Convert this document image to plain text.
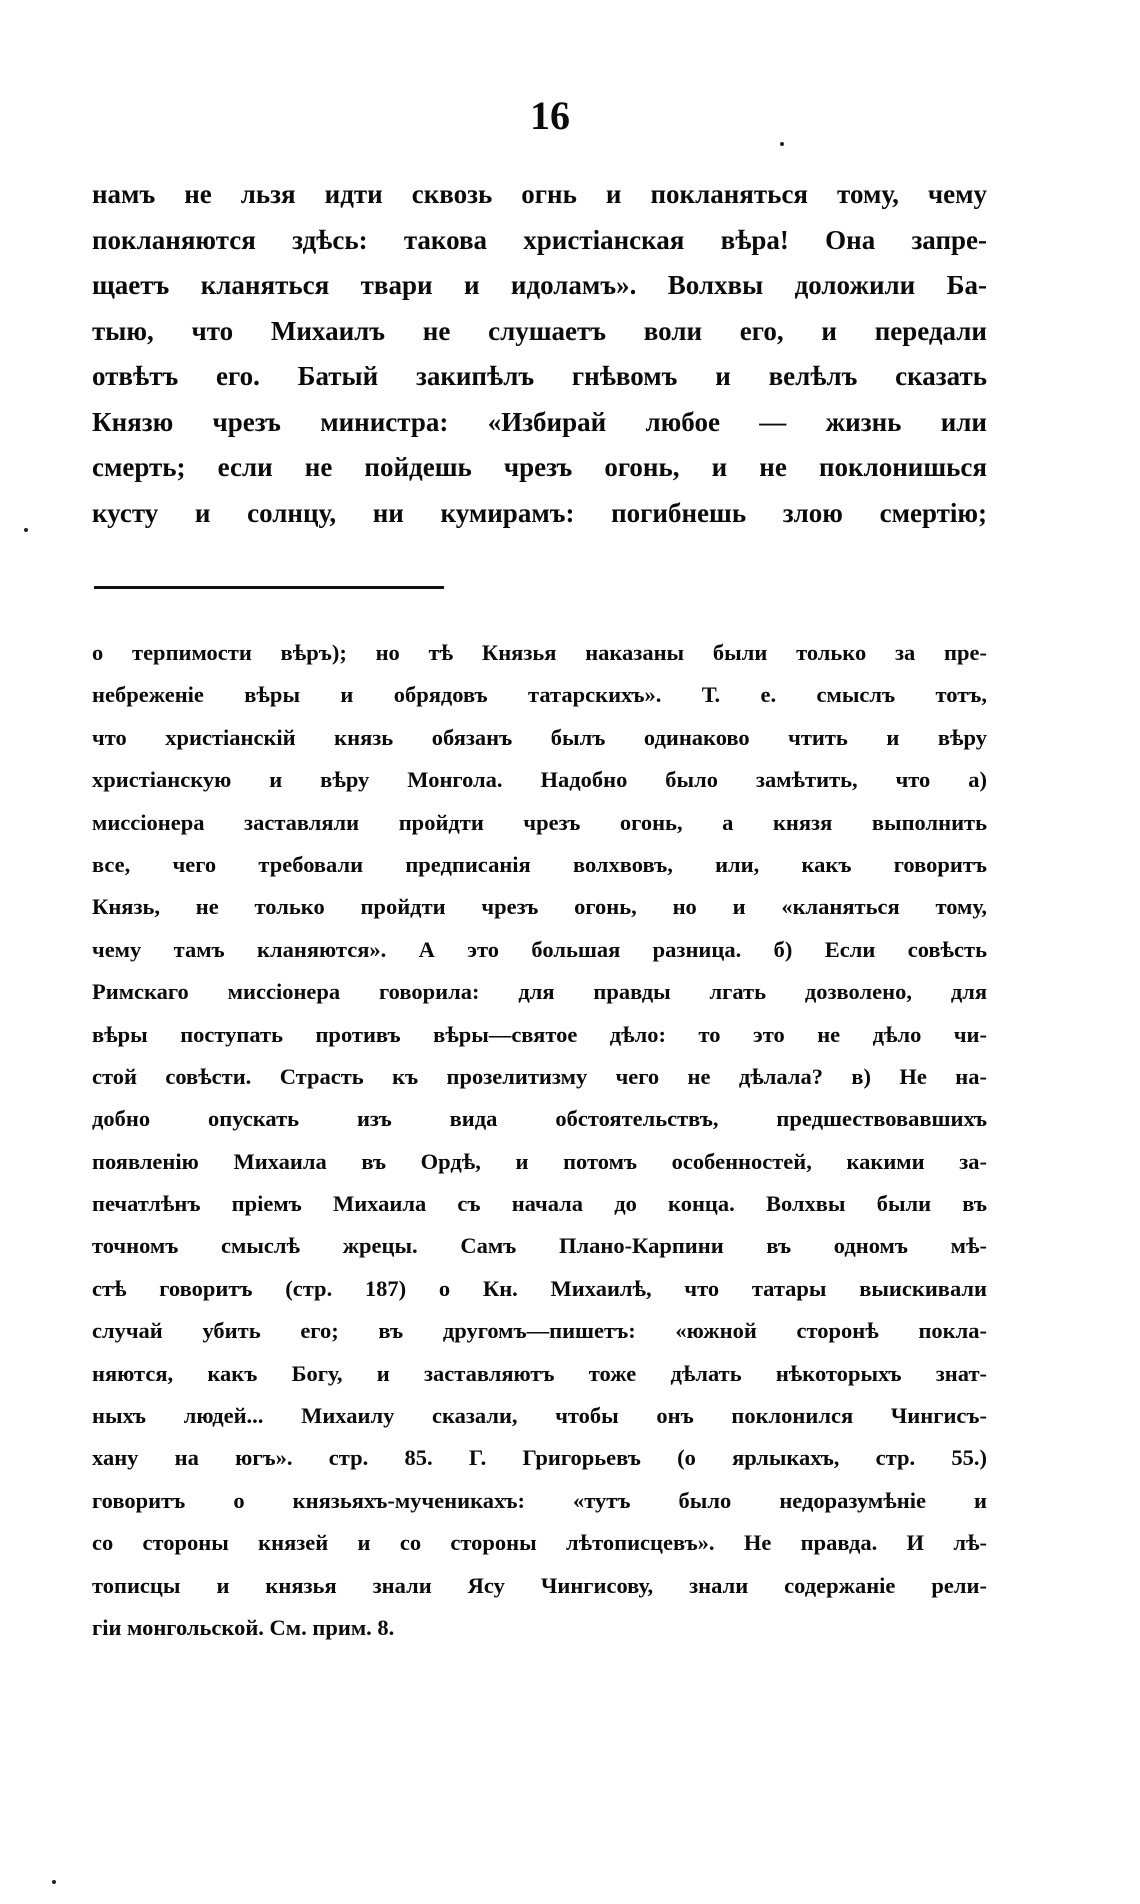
16
намъ не льзя идти сквозь огнь и покланяться тому, чему
покланяются здѣсь: такова христіанская вѣра! Она запре-
щаетъ кланяться твари и идоламъ». Волхвы доложили Ба-
тыю, что Михаилъ не слушаетъ воли его, и передали
отвѣтъ его. Батый закипѣлъ гнѣвомъ и велѣлъ сказать
Князю чрезъ министра: «Избирай любое — жизнь или
смерть; если не пойдешь чрезъ огонь, и не поклонишься
кусту и солнцу, ни кумирамъ: погибнешь злою смертію;
о терпимости вѣръ); но тѣ Князья наказаны были только за пре-
небреженіе вѣры и обрядовъ татарскихъ». Т. е. смыслъ тотъ,
что христіанскій князь обязанъ былъ одинаково чтить и вѣру
христіанскую и вѣру Монгола. Надобно было замѣтить, что а)
миссіонера заставляли пройдти чрезъ огонь, а князя выполнить
все, чего требовали предписанія волхвовъ, или, какъ говоритъ
Князь, не только пройдти чрезъ огонь, но и «кланяться тому,
чему тамъ кланяются». А это большая разница. б) Если совѣсть
Римскаго миссіонера говорила: для правды лгать дозволено, для
вѣры поступать противъ вѣры—святое дѣло: то это не дѣло чи-
стой совѣсти. Страсть къ прозелитизму чего не дѣлала? в) Не на-
добно опускать изъ вида обстоятельствъ, предшествовавшихъ
появленію Михаила въ Ордѣ, и потомъ особенностей, какими за-
печатлѣнъ пріемъ Михаила съ начала до конца. Волхвы были въ
точномъ смыслѣ жрецы. Самъ Плано-Карпини въ одномъ мѣ-
стѣ говоритъ (стр. 187) о Кн. Михаилѣ, что татары выискивали
случай убить его; въ другомъ—пишетъ: «южной сторонѣ покла-
няются, какъ Богу, и заставляютъ тоже дѣлать нѣкоторыхъ знат-
ныхъ людей... Михаилу сказали, чтобы онъ поклонился Чингисъ-
хану на югъ». стр. 85. Г. Григорьевъ (о ярлыкахъ, стр. 55.)
говоритъ о князьяхъ-мученикахъ: «тутъ было недоразумѣніе и
со стороны князей и со стороны лѣтописцевъ». Не правда. И лѣ-
тописцы и князья знали Ясу Чингисову, знали содержаніе рели-
гіи монгольской. См. прим. 8.
